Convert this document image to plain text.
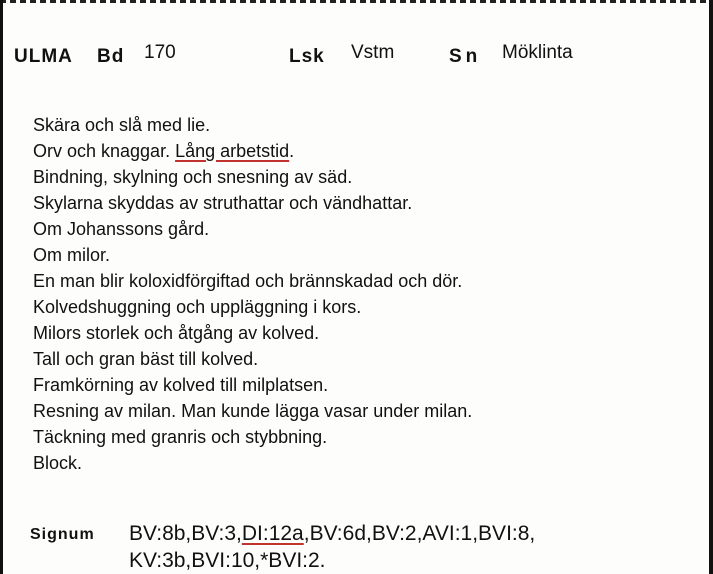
ULMA Bd 170	Lsk Vstm	Sn Möklinta
Skära och slå med lie.
Orv och knaggar. Lång arbetstid.
Bindning, skylning och snesning av säd.
Skylarna skyddas av struthattar och vändhattar.
Om Johanssons gård.
Om milor.
En man blir koloxidförgiftad och brännskadad och dör.
Kolvedshuggning och uppläggning i kors.
Milors storlek och åtgång av kolved.
Tall och gran bäst till kolved.
Framkörning av kolved till milplatsen.
Resning av milan. Man kunde lägga vasar under milan.
Täckning med granris och stybbning.
Block.
Signum BV:8b,BV:3,DI:12a,BV:6d,BV:2,AVI:1,BVI:8,
KV:3b,BVI:10,*BVI:2.
